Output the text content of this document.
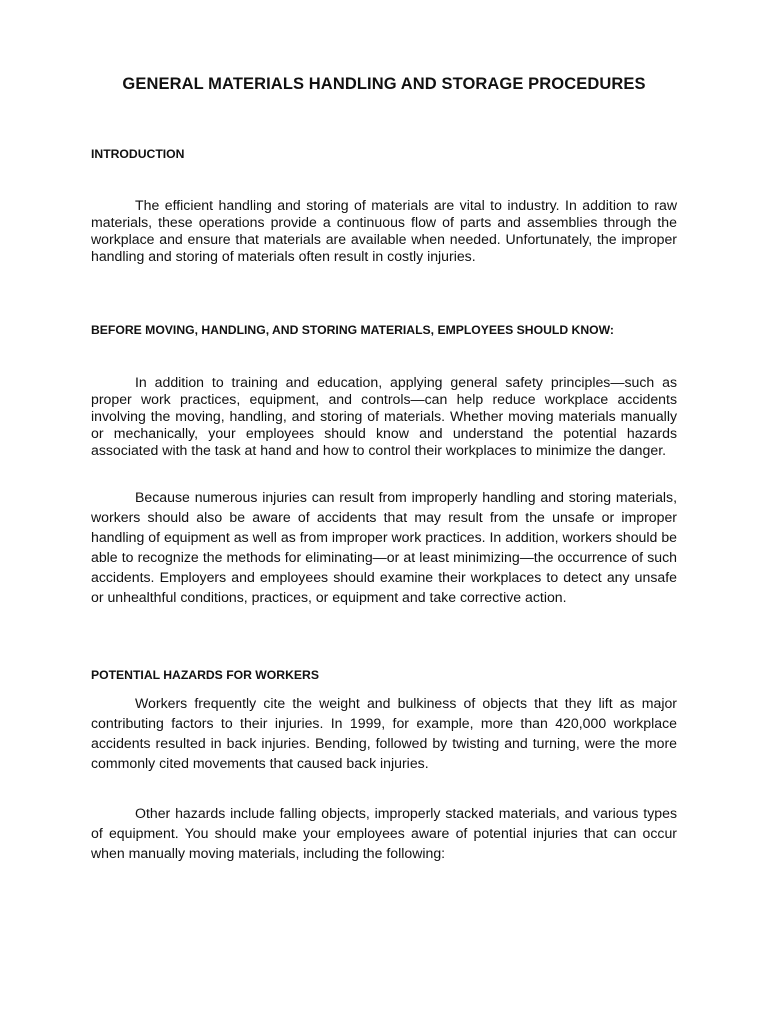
GENERAL MATERIALS HANDLING AND STORAGE PROCEDURES
INTRODUCTION

The efficient handling and storing of materials are vital to industry. In addition to raw materials, these operations provide a continuous flow of parts and assemblies through the workplace and ensure that materials are available when needed. Unfortunately, the improper handling and storing of materials often result in costly injuries.

BEFORE MOVING, HANDLING, AND STORING MATERIALS, EMPLOYEES SHOULD KNOW:

In addition to training and education, applying general safety principles—such as proper work practices, equipment, and controls—can help reduce workplace accidents involving the moving, handling, and storing of materials. Whether moving materials manually or mechanically, your employees should know and understand the potential hazards associated with the task at hand and how to control their workplaces to minimize the danger.

Because numerous injuries can result from improperly handling and storing materials, workers should also be aware of accidents that may result from the unsafe or improper handling of equipment as well as from improper work practices. In addition, workers should be able to recognize the methods for eliminating—or at least minimizing—the occurrence of such accidents. Employers and employees should examine their workplaces to detect any unsafe or unhealthful conditions, practices, or equipment and take corrective action.

POTENTIAL HAZARDS FOR WORKERS

Workers frequently cite the weight and bulkiness of objects that they lift as major contributing factors to their injuries. In 1999, for example, more than 420,000 workplace accidents resulted in back injuries. Bending, followed by twisting and turning, were the more commonly cited movements that caused back injuries.

Other hazards include falling objects, improperly stacked materials, and various types of equipment. You should make your employees aware of potential injuries that can occur when manually moving materials, including the following:
